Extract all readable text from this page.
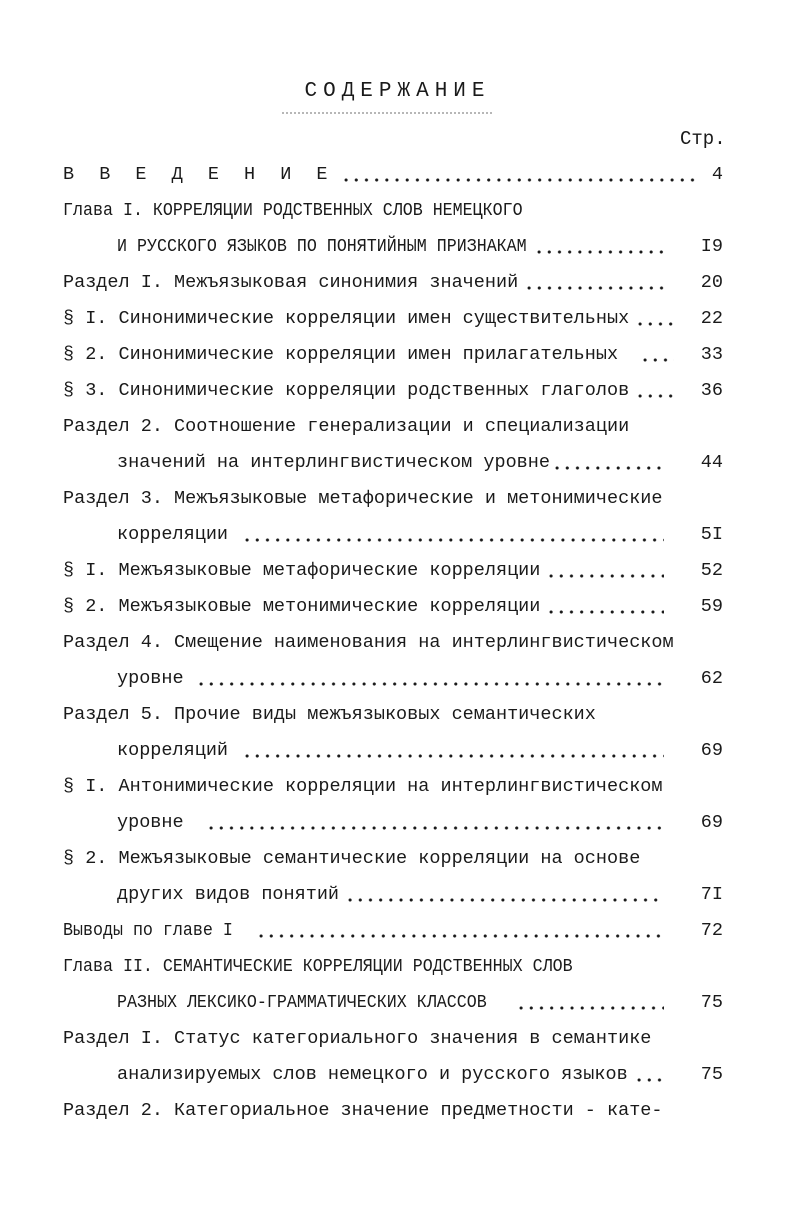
СОДЕРЖАНИЕ
Стр.
В В Е Д Е Н И Е	4
Глава I. КОРРЕЛЯЦИИ РОДСТВЕННЫХ СЛОВ НЕМЕЦКОГО
И РУССКОГО ЯЗЫКОВ ПО ПОНЯТИЙНЫМ ПРИЗНАКАМ	I9
Раздел I. Межъязыковая синонимия значений	20
§ I. Синонимические корреляции имен существительных	22
§ 2. Синонимические корреляции имен прилагательных	33
§ 3. Синонимические корреляции родственных глаголов	36
Раздел 2. Соотношение генерализации и специализации
значений на интерлингвистическом уровне	44
Раздел 3. Межъязыковые метафорические и метонимические
корреляции	5I
§ I. Межъязыковые метафорические корреляции	52
§ 2. Межъязыковые метонимические корреляции	59
Раздел 4. Смещение наименования на интерлингвистическом
уровне	62
Раздел 5. Прочие виды межъязыковых семантических
корреляций	69
§ I. Антонимические корреляции на интерлингвистическом
уровне	69
§ 2. Межъязыковые семантические корреляции на основе
других видов понятий	7I
Выводы по главе I	72
Глава II. СЕМАНТИЧЕСКИЕ КОРРЕЛЯЦИИ РОДСТВЕННЫХ СЛОВ
РАЗНЫХ ЛЕКСИКО-ГРАММАТИЧЕСКИХ КЛАССОВ	75
Раздел I. Статус категориального значения в семантике
анализируемых слов немецкого и русского языков	75
Раздел 2. Категориальное значение предметности - кате-
